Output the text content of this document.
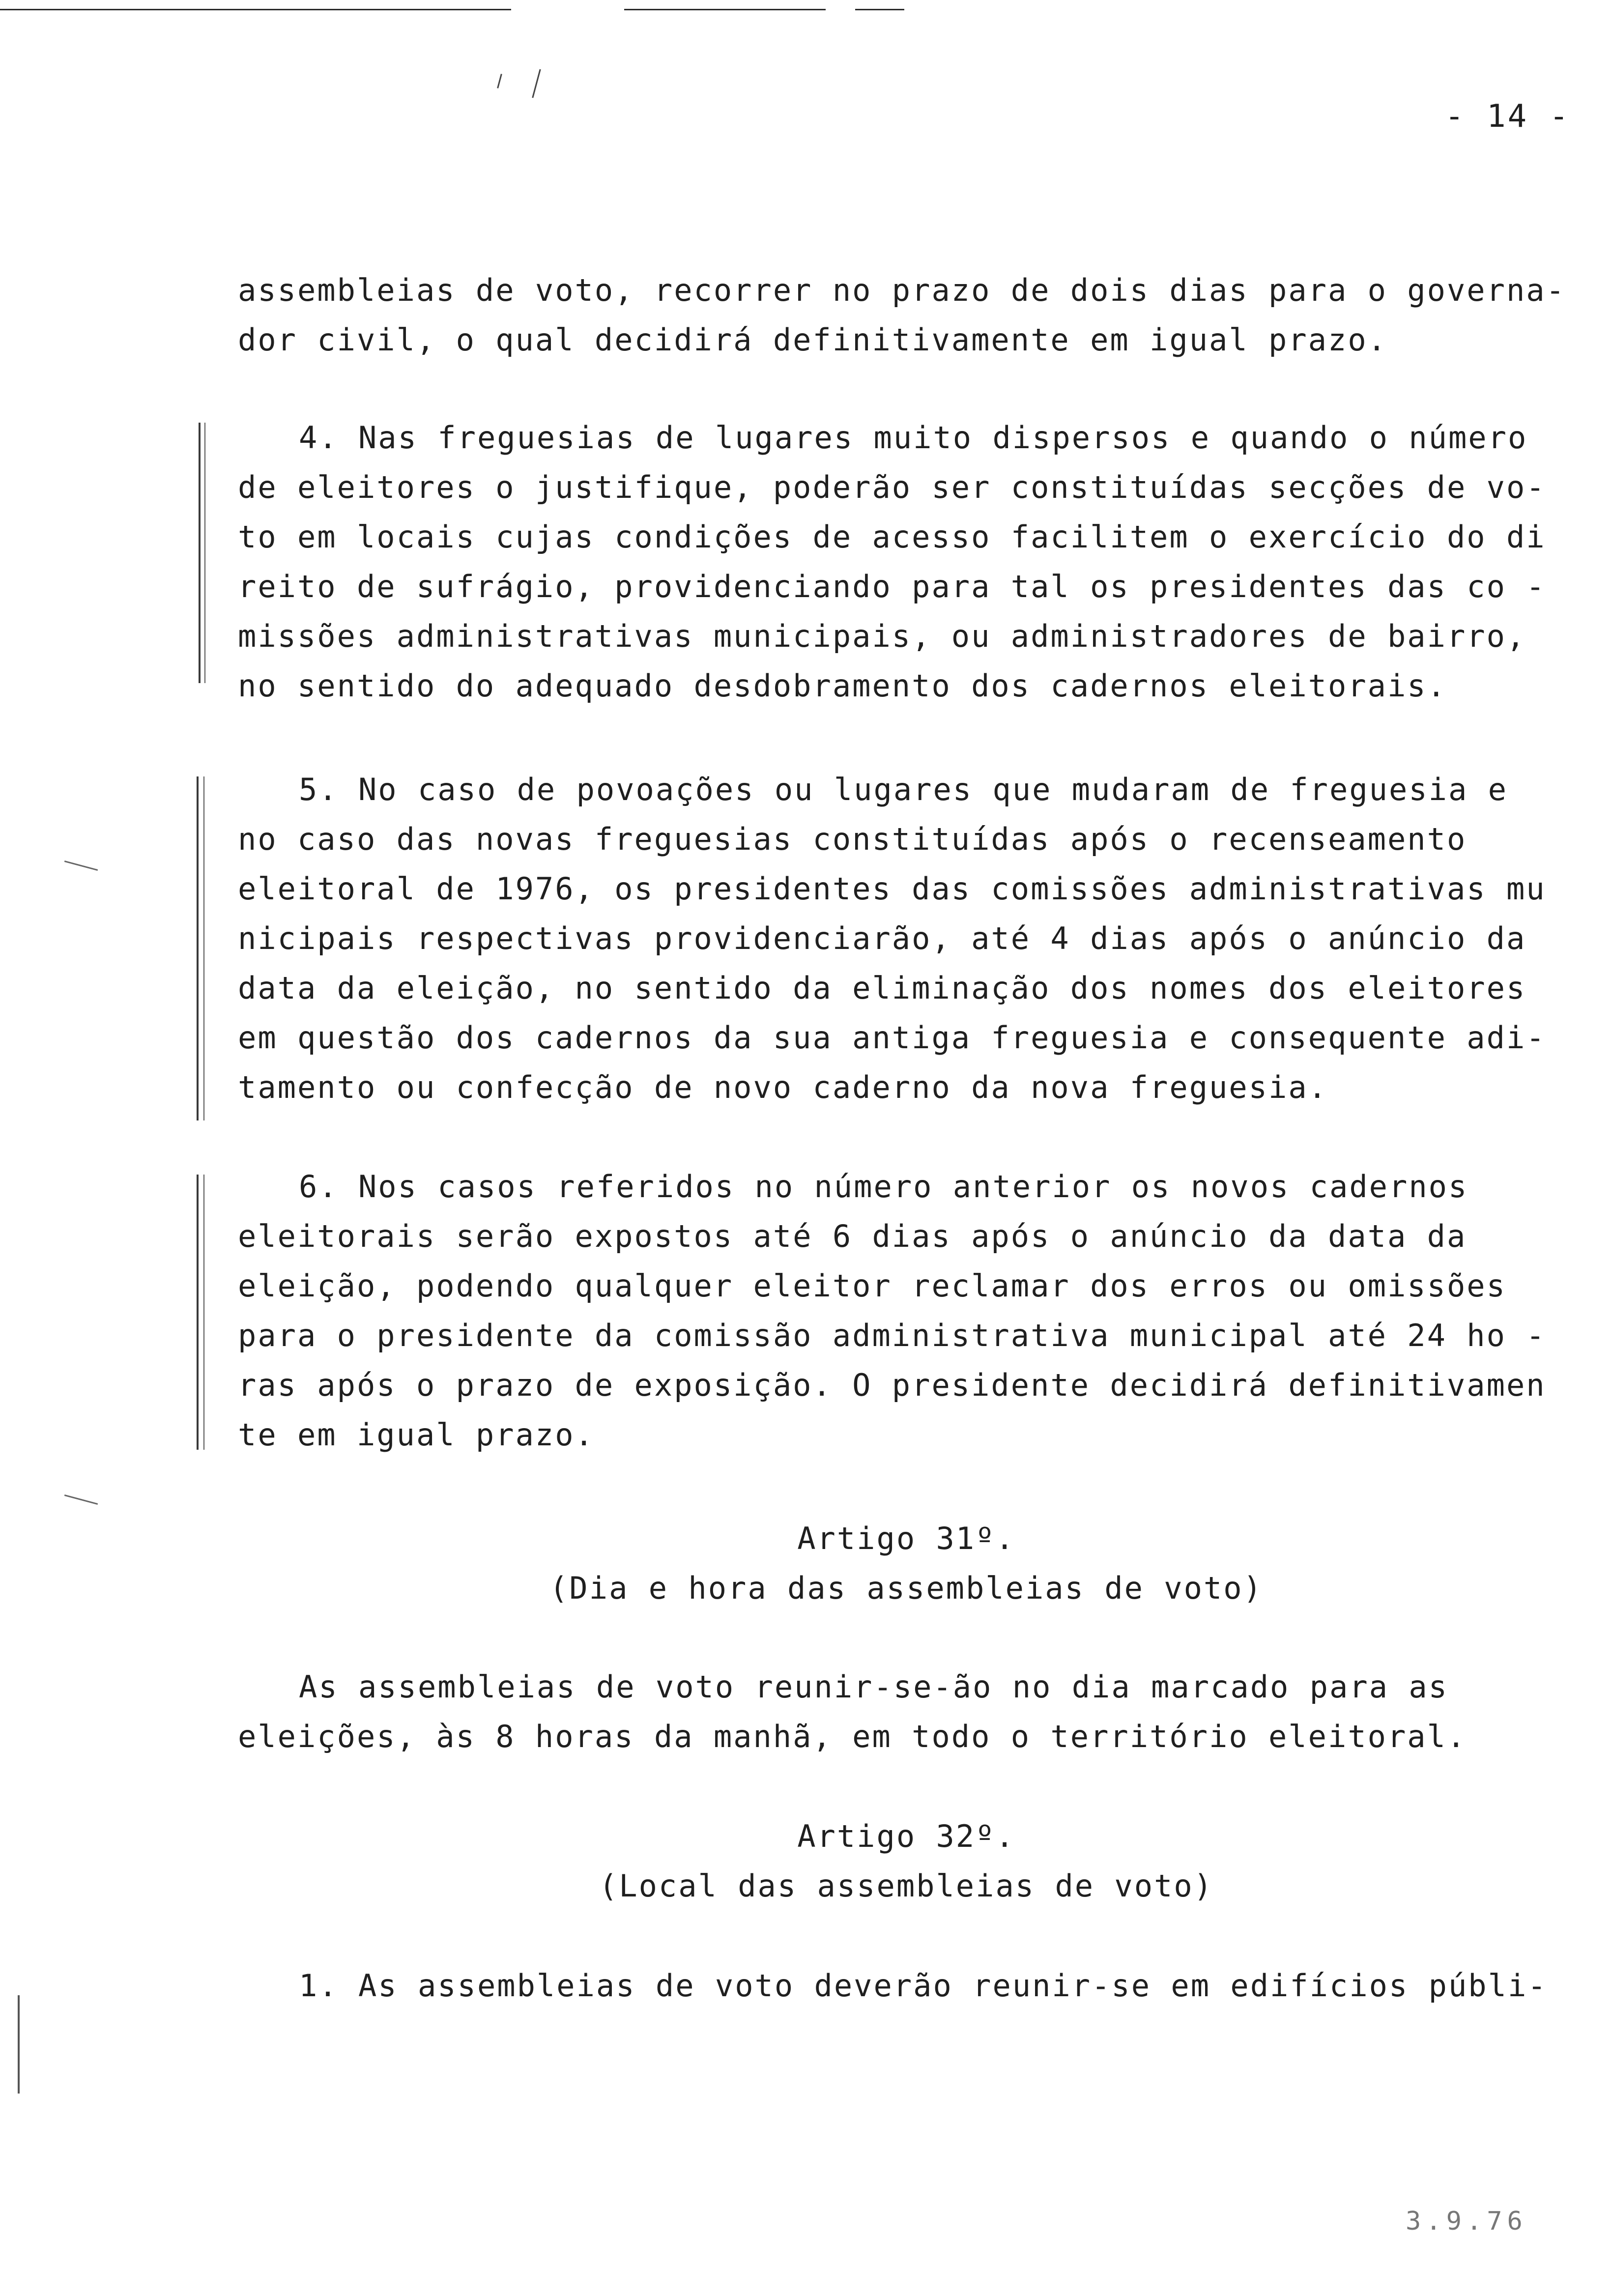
- 14 -
assembleias de voto, recorrer no prazo de dois dias para o governa-
dor civil, o qual decidirá definitivamente em igual prazo.
4. Nas freguesias de lugares muito dispersos e quando o número
de eleitores o justifique, poderão ser constituídas secções de vo-
to em locais cujas condições de acesso facilitem o exercício do di
reito de sufrágio, providenciando para tal os presidentes das co -
missões administrativas municipais, ou administradores de bairro,
no sentido do adequado desdobramento dos cadernos eleitorais.
5. No caso de povoações ou lugares que mudaram de freguesia e
no caso das novas freguesias constituídas após o recenseamento
eleitoral de 1976, os presidentes das comissões administrativas mu
nicipais respectivas providenciarão, até 4 dias após o anúncio da
data da eleição, no sentido da eliminação dos nomes dos eleitores
em questão dos cadernos da sua antiga freguesia e consequente adi-
tamento ou confecção de novo caderno da nova freguesia.
6. Nos casos referidos no número anterior os novos cadernos
eleitorais serão expostos até 6 dias após o anúncio da data da
eleição, podendo qualquer eleitor reclamar dos erros ou omissões
para o presidente da comissão administrativa municipal até 24 ho -
ras após o prazo de exposição. O presidente decidirá definitivamen
te em igual prazo.
Artigo 31º.
(Dia e hora das assembleias de voto)
As assembleias de voto reunir-se-ão no dia marcado para as
eleições, às 8 horas da manhã, em todo o território eleitoral.
Artigo 32º.
(Local das assembleias de voto)
1. As assembleias de voto deverão reunir-se em edifícios públi-
3.9.76
